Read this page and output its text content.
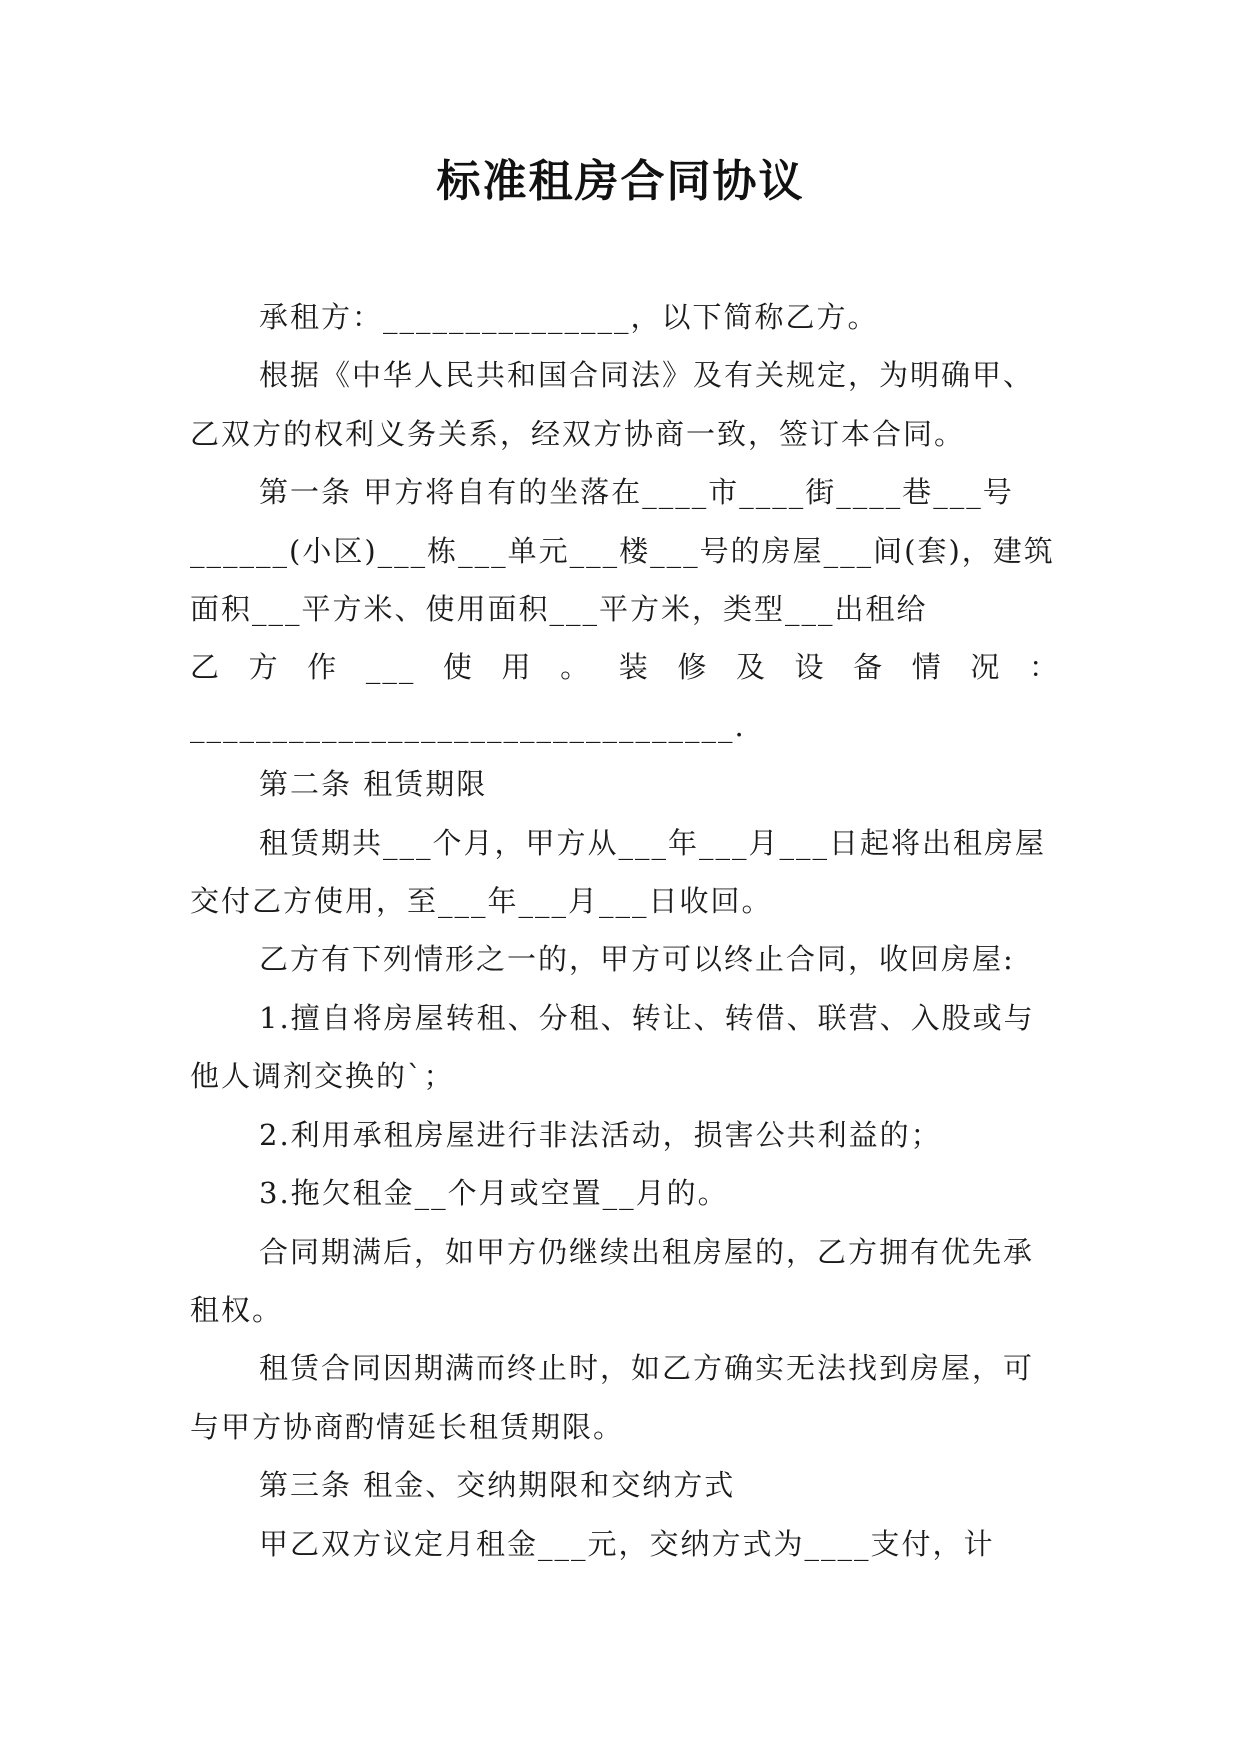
标准租房合同协议

承租方：_______________，以下简称乙方。

根据《中华人民共和国合同法》及有关规定，为明确甲、乙双方的权利义务关系，经双方协商一致，签订本合同。

第一条 甲方将自有的坐落在____市____街____巷___号______(小区)___栋___单元___楼___号的房屋___间(套)，建筑面积___平方米、使用面积___平方米，类型___出租给

乙方作___使用。装修及设备情况：

_________________________________.

第二条 租赁期限

租赁期共___个月，甲方从___年___月___日起将出租房屋交付乙方使用，至___年___月___日收回。

乙方有下列情形之一的，甲方可以终止合同，收回房屋:

1.擅自将房屋转租、分租、转让、转借、联营、入股或与他人调剂交换的`；

2.利用承租房屋进行非法活动，损害公共利益的；

3.拖欠租金__个月或空置__月的。

合同期满后，如甲方仍继续出租房屋的，乙方拥有优先承租权。

租赁合同因期满而终止时，如乙方确实无法找到房屋，可与甲方协商酌情延长租赁期限。

第三条 租金、交纳期限和交纳方式

甲乙双方议定月租金___元，交纳方式为____支付，计
